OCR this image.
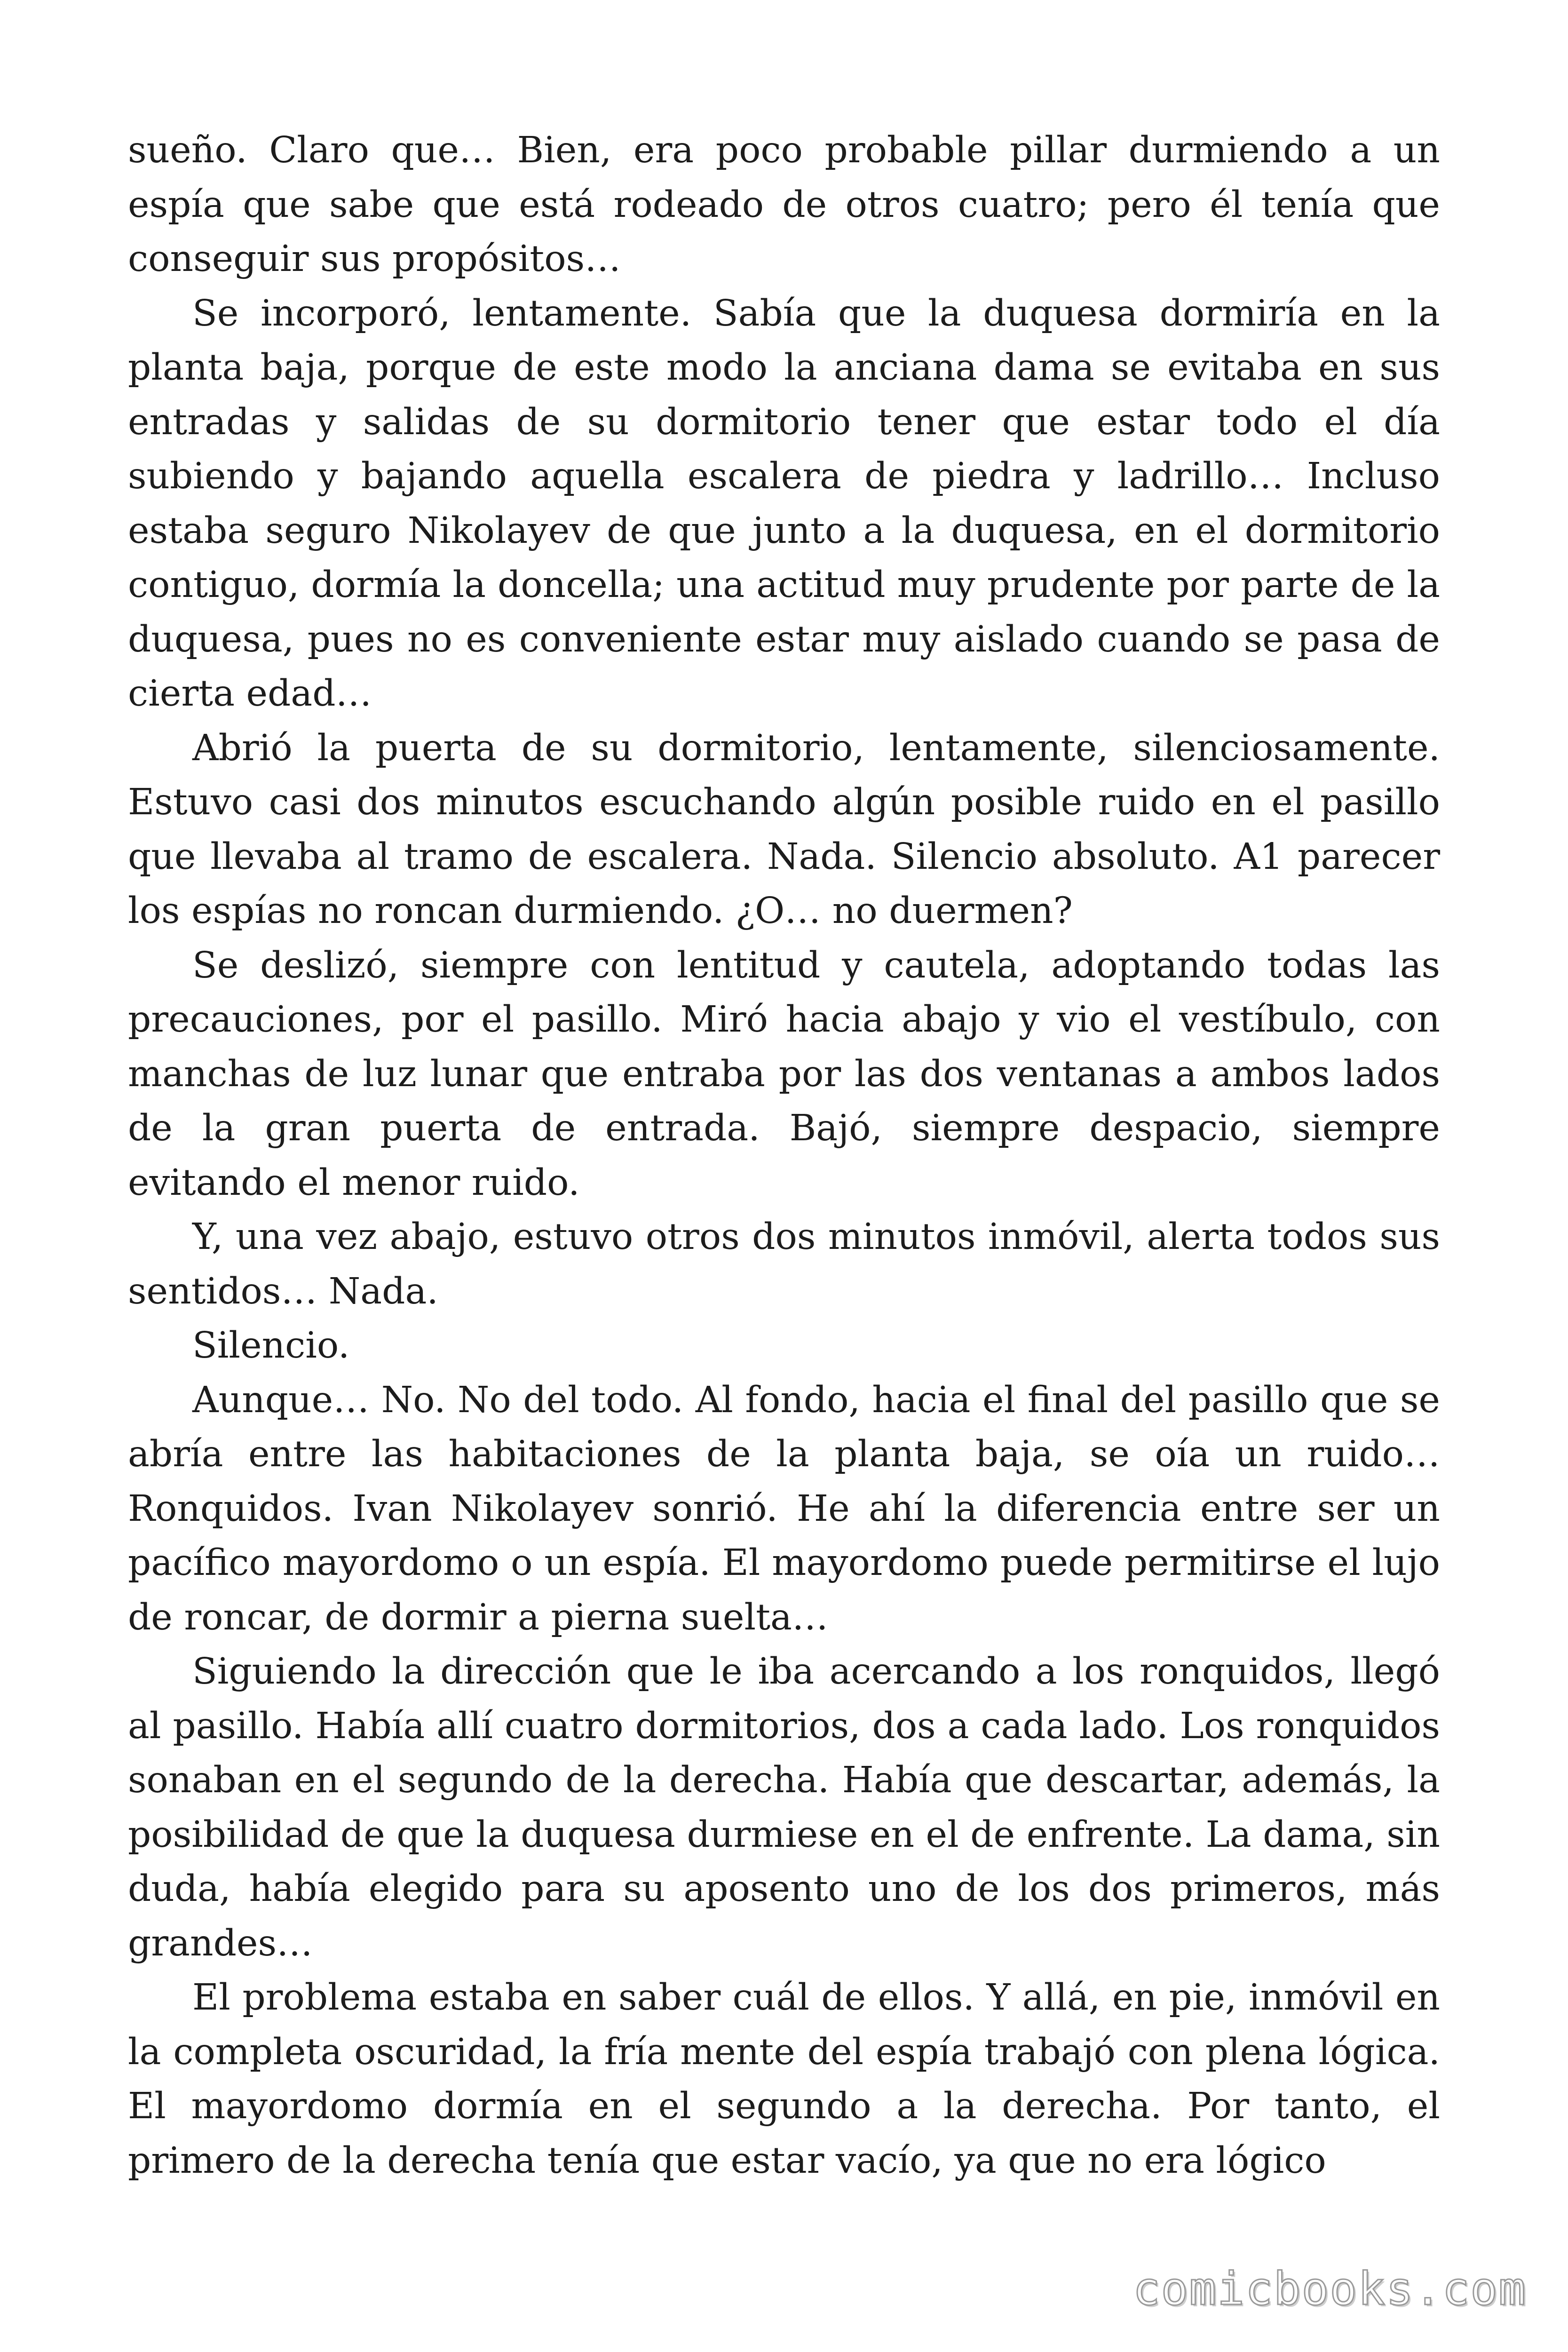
sueño. Claro que… Bien, era poco probable pillar durmiendo a un espía que sabe que está rodeado de otros cuatro; pero él tenía que conseguir sus propósitos…

Se incorporó, lentamente. Sabía que la duquesa dormiría en la planta baja, porque de este modo la anciana dama se evitaba en sus entradas y salidas de su dormitorio tener que estar todo el día subiendo y bajando aquella escalera de piedra y ladrillo… Incluso estaba seguro Nikolayev de que junto a la duquesa, en el dormitorio contiguo, dormía la doncella; una actitud muy prudente por parte de la duquesa, pues no es conveniente estar muy aislado cuando se pasa de cierta edad…

Abrió la puerta de su dormitorio, lentamente, silenciosamente. Estuvo casi dos minutos escuchando algún posible ruido en el pasillo que llevaba al tramo de escalera. Nada. Silencio absoluto. A1 parecer los espías no roncan durmiendo. ¿O… no duermen?

Se deslizó, siempre con lentitud y cautela, adoptando todas las precauciones, por el pasillo. Miró hacia abajo y vio el vestíbulo, con manchas de luz lunar que entraba por las dos ventanas a ambos lados de la gran puerta de entrada. Bajó, siempre despacio, siempre evitando el menor ruido.

Y, una vez abajo, estuvo otros dos minutos inmóvil, alerta todos sus sentidos… Nada.

Silencio.

Aunque… No. No del todo. Al fondo, hacia el final del pasillo que se abría entre las habitaciones de la planta baja, se oía un ruido… Ronquidos. Ivan Nikolayev sonrió. He ahí la diferencia entre ser un pacífico mayordomo o un espía. El mayordomo puede permitirse el lujo de roncar, de dormir a pierna suelta…

Siguiendo la dirección que le iba acercando a los ronquidos, llegó al pasillo. Había allí cuatro dormitorios, dos a cada lado. Los ronquidos sonaban en el segundo de la derecha. Había que descartar, además, la posibilidad de que la duquesa durmiese en el de enfrente. La dama, sin duda, había elegido para su aposento uno de los dos primeros, más grandes…

El problema estaba en saber cuál de ellos. Y allá, en pie, inmóvil en la completa oscuridad, la fría mente del espía trabajó con plena lógica. El mayordomo dormía en el segundo a la derecha. Por tanto, el primero de la derecha tenía que estar vacío, ya que no era lógico

comicbooks.com
